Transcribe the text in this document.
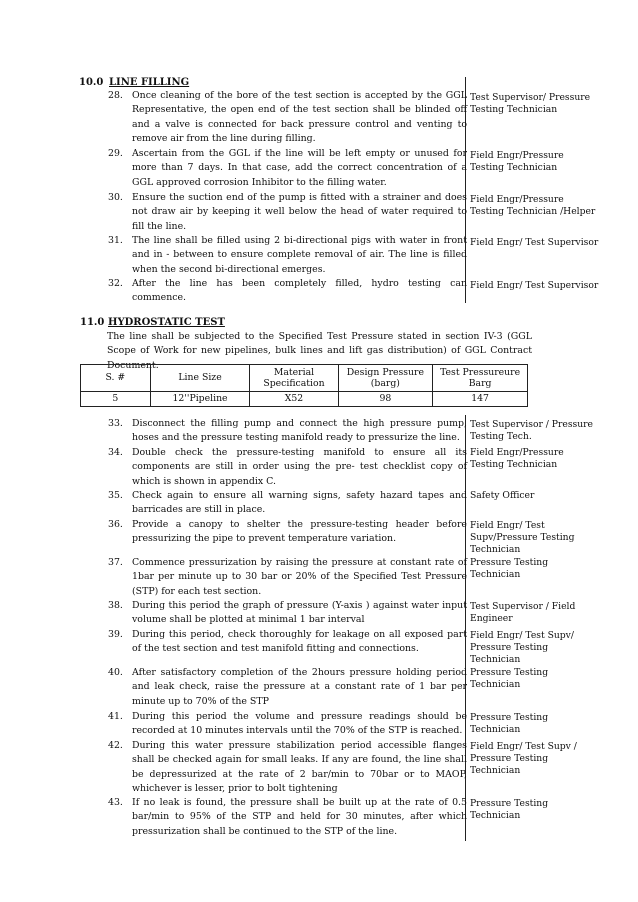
10.0 LINE FILLING
28. Once cleaning of the bore of the test section is accepted by the GGL Representative, the open end of the test section shall be blinded off and a valve is connected for back pressure control and venting to remove air from the line during filling.
Test Supervisor/ Pressure Testing Technician
29. Ascertain from the GGL if the line will be left empty or unused for more than 7 days. In that case, add the correct concentration of a GGL approved corrosion Inhibitor to the filling water.
Field Engr/Pressure Testing Technician
30. Ensure the suction end of the pump is fitted with a strainer and does not draw air by keeping it well below the head of water required to fill the line.
Field Engr/Pressure Testing Technician /Helper
31. The line shall be filled using 2 bi-directional pigs with water in front and in - between to ensure complete removal of air. The line is filled when the second bi-directional emerges.
Field Engr/ Test Supervisor
32. After the line has been completely filled, hydro testing can commence.
Field Engr/ Test Supervisor
11.0 HYDROSTATIC TEST
The line shall be subjected to the Specified Test Pressure stated in section IV-3 (GGL Scope of Work for new pipelines, bulk lines and lift gas distribution) of GGL Contract Document.
S. #	Line Size	Material Specification	Design Pressure (barg)	Test Pressureure Barg
5	12''Pipeline	X52	98	147
33. Disconnect the filling pump and connect the high pressure pump, hoses and the pressure testing manifold ready to pressurize the line.
Test Supervisor / Pressure Testing Tech.
34. Double check the pressure-testing manifold to ensure all its components are still in order using the pre- test checklist copy of which is shown in appendix C.
Field Engr/Pressure Testing Technician
35. Check again to ensure all warning signs, safety hazard tapes and barricades are still in place.
Safety Officer
36. Provide a canopy to shelter the pressure-testing header before pressurizing the pipe to prevent temperature variation.
Field Engr/ Test Supv/Pressure Testing Technician
37. Commence pressurization by raising the pressure at constant rate of 1bar per minute up to 30 bar or 20% of the Specified Test Pressure (STP) for each test section.
Pressure Testing Technician
38. During this period the graph of pressure (Y-axis ) against water input volume shall be plotted at minimal 1 bar interval
Test Supervisor / Field Engineer
39. During this period, check thoroughly for leakage on all exposed part of the test section and test manifold fitting and connections.
Field Engr/ Test Supv/ Pressure Testing Technician
40. After satisfactory completion of the 2hours pressure holding period and leak check, raise the pressure at a constant rate of 1 bar per minute up to 70% of the STP
Pressure Testing Technician
41. During this period the volume and pressure readings should be recorded at 10 minutes intervals until the 70% of the STP is reached.
Pressure Testing Technician
42. During this water pressure stabilization period accessible flanges shall be checked again for small leaks. If any are found, the line shall be depressurized at the rate of 2 bar/min to 70bar or to MAOP, whichever is lesser, prior to bolt tightening
Field Engr/ Test Supv / Pressure Testing Technician
43. If no leak is found, the pressure shall be built up at the rate of 0.5 bar/min to 95% of the STP and held for 30 minutes, after which pressurization shall be continued to the STP of the line.
Pressure Testing Technician
